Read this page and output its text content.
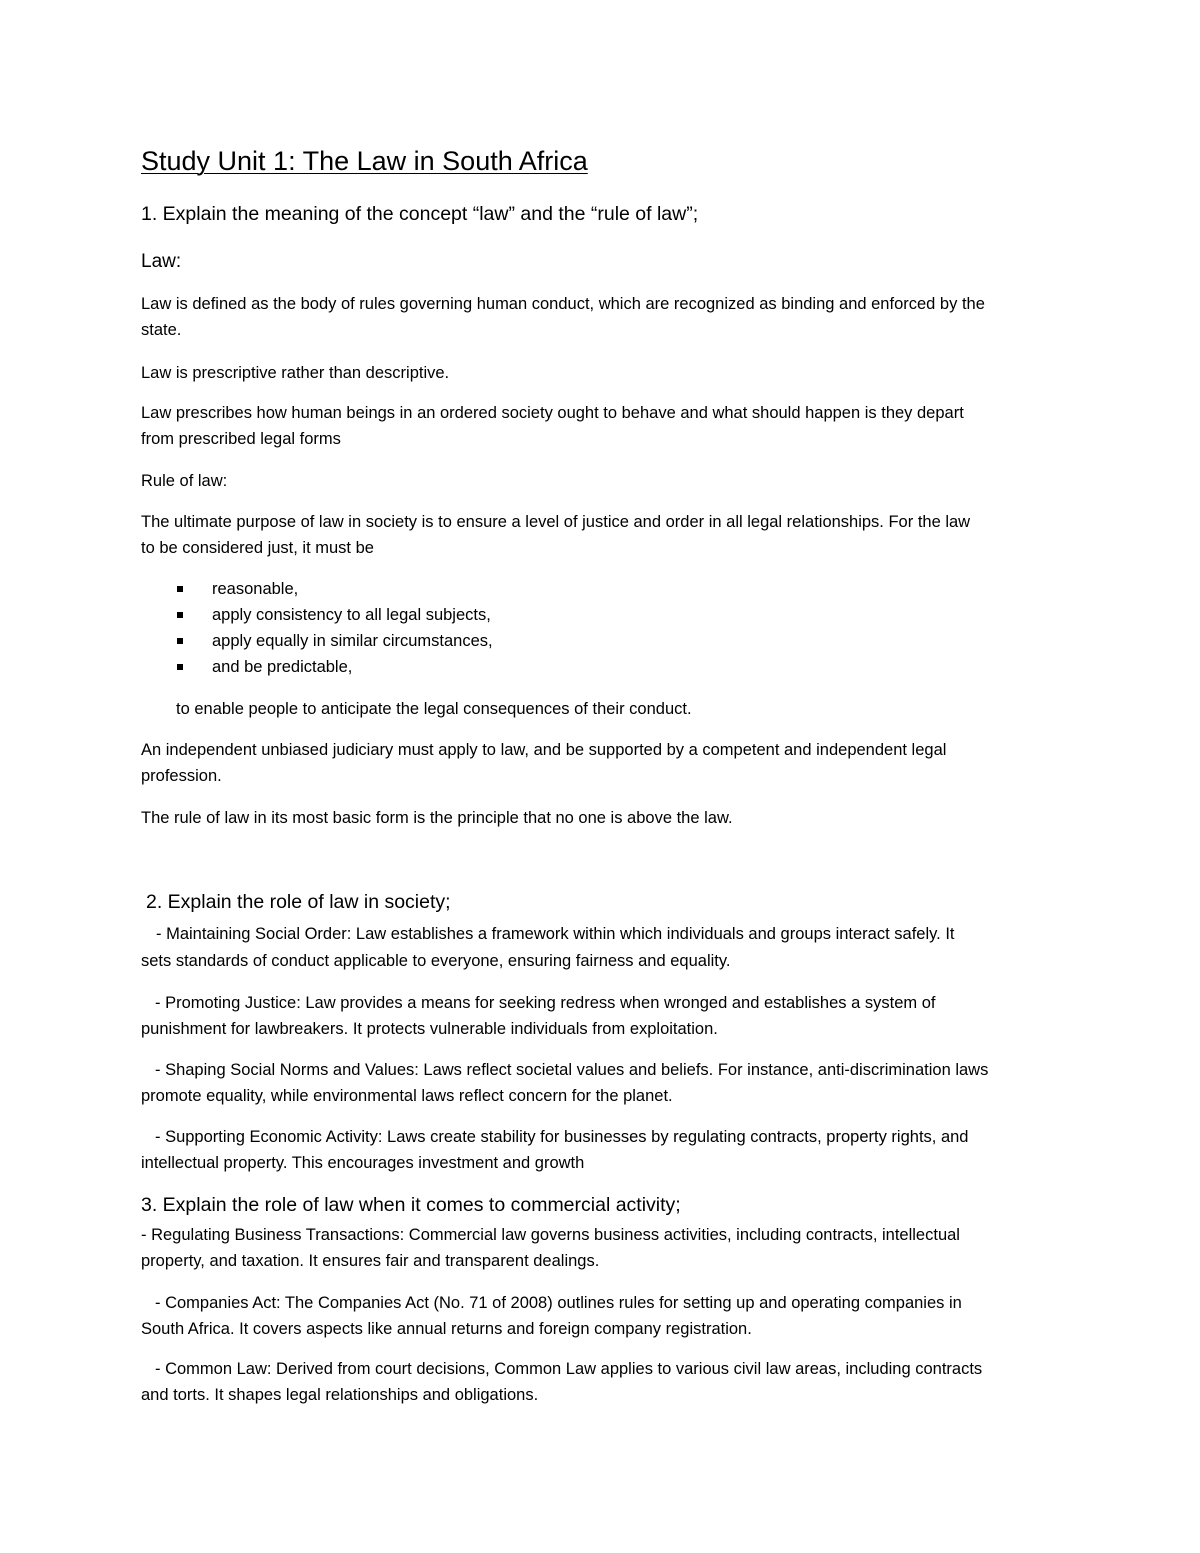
Study Unit 1: The Law in South Africa
1. Explain the meaning of the concept “law” and the “rule of law”;
Law:
Law is defined as the body of rules governing human conduct, which are recognized as binding and enforced by the
state.
Law is prescriptive rather than descriptive.
Law prescribes how human beings in an ordered society ought to behave and what should happen is they depart
from prescribed legal forms
Rule of law:
The ultimate purpose of law in society is to ensure a level of justice and order in all legal relationships. For the law
to be considered just, it must be
reasonable,
apply consistency to all legal subjects,
apply equally in similar circumstances,
and be predictable,
to enable people to anticipate the legal consequences of their conduct.
An independent unbiased judiciary must apply to law, and be supported by a competent and independent legal
profession.
The rule of law in its most basic form is the principle that no one is above the law.
2. Explain the role of law in society;
- Maintaining Social Order: Law establishes a framework within which individuals and groups interact safely. It
sets standards of conduct applicable to everyone, ensuring fairness and equality.
- Promoting Justice: Law provides a means for seeking redress when wronged and establishes a system of
punishment for lawbreakers. It protects vulnerable individuals from exploitation.
- Shaping Social Norms and Values: Laws reflect societal values and beliefs. For instance, anti-discrimination laws
promote equality, while environmental laws reflect concern for the planet.
- Supporting Economic Activity: Laws create stability for businesses by regulating contracts, property rights, and
intellectual property. This encourages investment and growth
3. Explain the role of law when it comes to commercial activity;
- Regulating Business Transactions: Commercial law governs business activities, including contracts, intellectual
property, and taxation. It ensures fair and transparent dealings.
- Companies Act: The Companies Act (No. 71 of 2008) outlines rules for setting up and operating companies in
South Africa. It covers aspects like annual returns and foreign company registration.
- Common Law: Derived from court decisions, Common Law applies to various civil law areas, including contracts
and torts. It shapes legal relationships and obligations.
